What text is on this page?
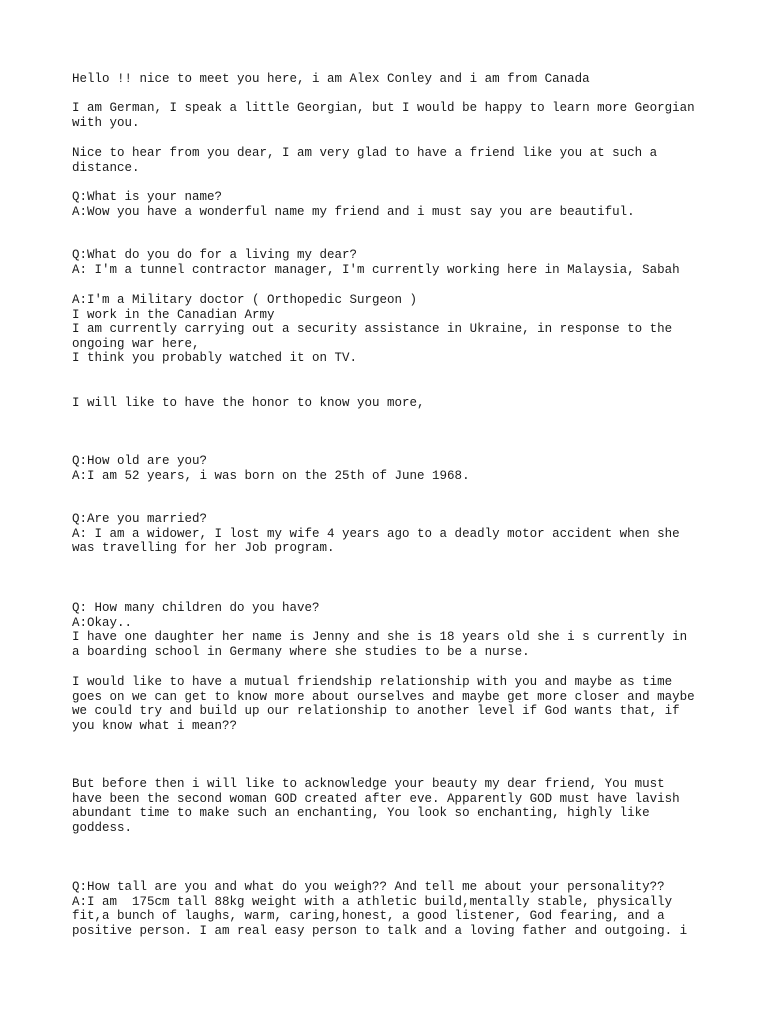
Hello !! nice to meet you here, i am Alex Conley and i am from Canada

I am German, I speak a little Georgian, but I would be happy to learn more Georgian
with you.

Nice to hear from you dear, I am very glad to have a friend like you at such a
distance.

Q:What is your name?
A:Wow you have a wonderful name my friend and i must say you are beautiful.

Q:What do you do for a living my dear?
A: I'm a tunnel contractor manager, I'm currently working here in Malaysia, Sabah

A:I'm a Military doctor ( Orthopedic Surgeon )
I work in the Canadian Army
I am currently carrying out a security assistance in Ukraine, in response to the
ongoing war here,
I think you probably watched it on TV.

I will like to have the honor to know you more,

Q:How old are you?
A:I am 52 years, i was born on the 25th of June 1968.

Q:Are you married?
A: I am a widower, I lost my wife 4 years ago to a deadly motor accident when she
was travelling for her Job program.

Q: How many children do you have?
A:Okay..
I have one daughter her name is Jenny and she is 18 years old she i s currently in
a boarding school in Germany where she studies to be a nurse.

I would like to have a mutual friendship relationship with you and maybe as time
goes on we can get to know more about ourselves and maybe get more closer and maybe
we could try and build up our relationship to another level if God wants that, if
you know what i mean??

But before then i will like to acknowledge your beauty my dear friend, You must
have been the second woman GOD created after eve. Apparently GOD must have lavish
abundant time to make such an enchanting, You look so enchanting, highly like
goddess.

Q:How tall are you and what do you weigh?? And tell me about your personality??
A:I am  175cm tall 88kg weight with a athletic build,mentally stable, physically
fit,a bunch of laughs, warm, caring,honest, a good listener, God fearing, and a
positive person. I am real easy person to talk and a loving father and outgoing. i
